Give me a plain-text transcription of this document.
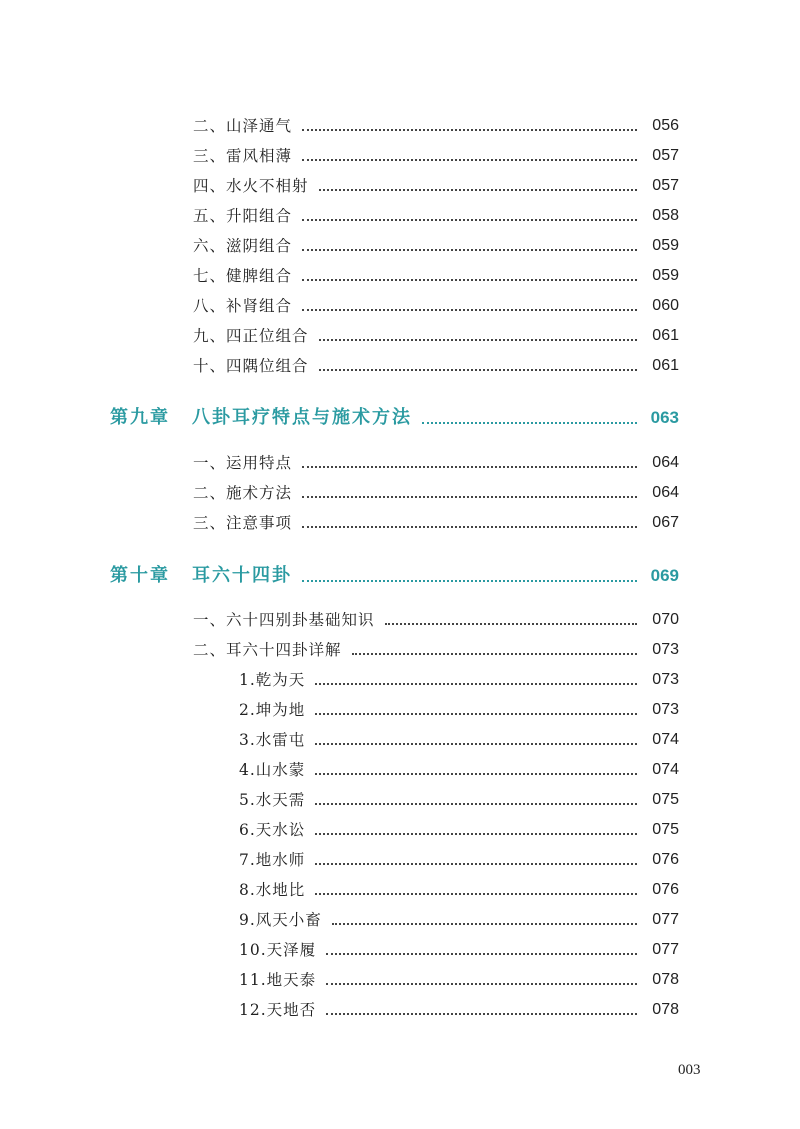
二、山泽通气	056
三、雷风相薄	057
四、水火不相射	057
五、升阳组合	058
六、滋阴组合	059
七、健脾组合	059
八、补肾组合	060
九、四正位组合	061
十、四隅位组合	061
第九章 八卦耳疗特点与施术方法	063
一、运用特点	064
二、施术方法	064
三、注意事项	067
第十章 耳六十四卦	069
一、六十四别卦基础知识	070
二、耳六十四卦详解	073
1.乾为天	073
2.坤为地	073
3.水雷屯	074
4.山水蒙	074
5.水天需	075
6.天水讼	075
7.地水师	076
8.水地比	076
9.风天小畜	077
10.天泽履	077
11.地天泰	078
12.天地否	078
003
